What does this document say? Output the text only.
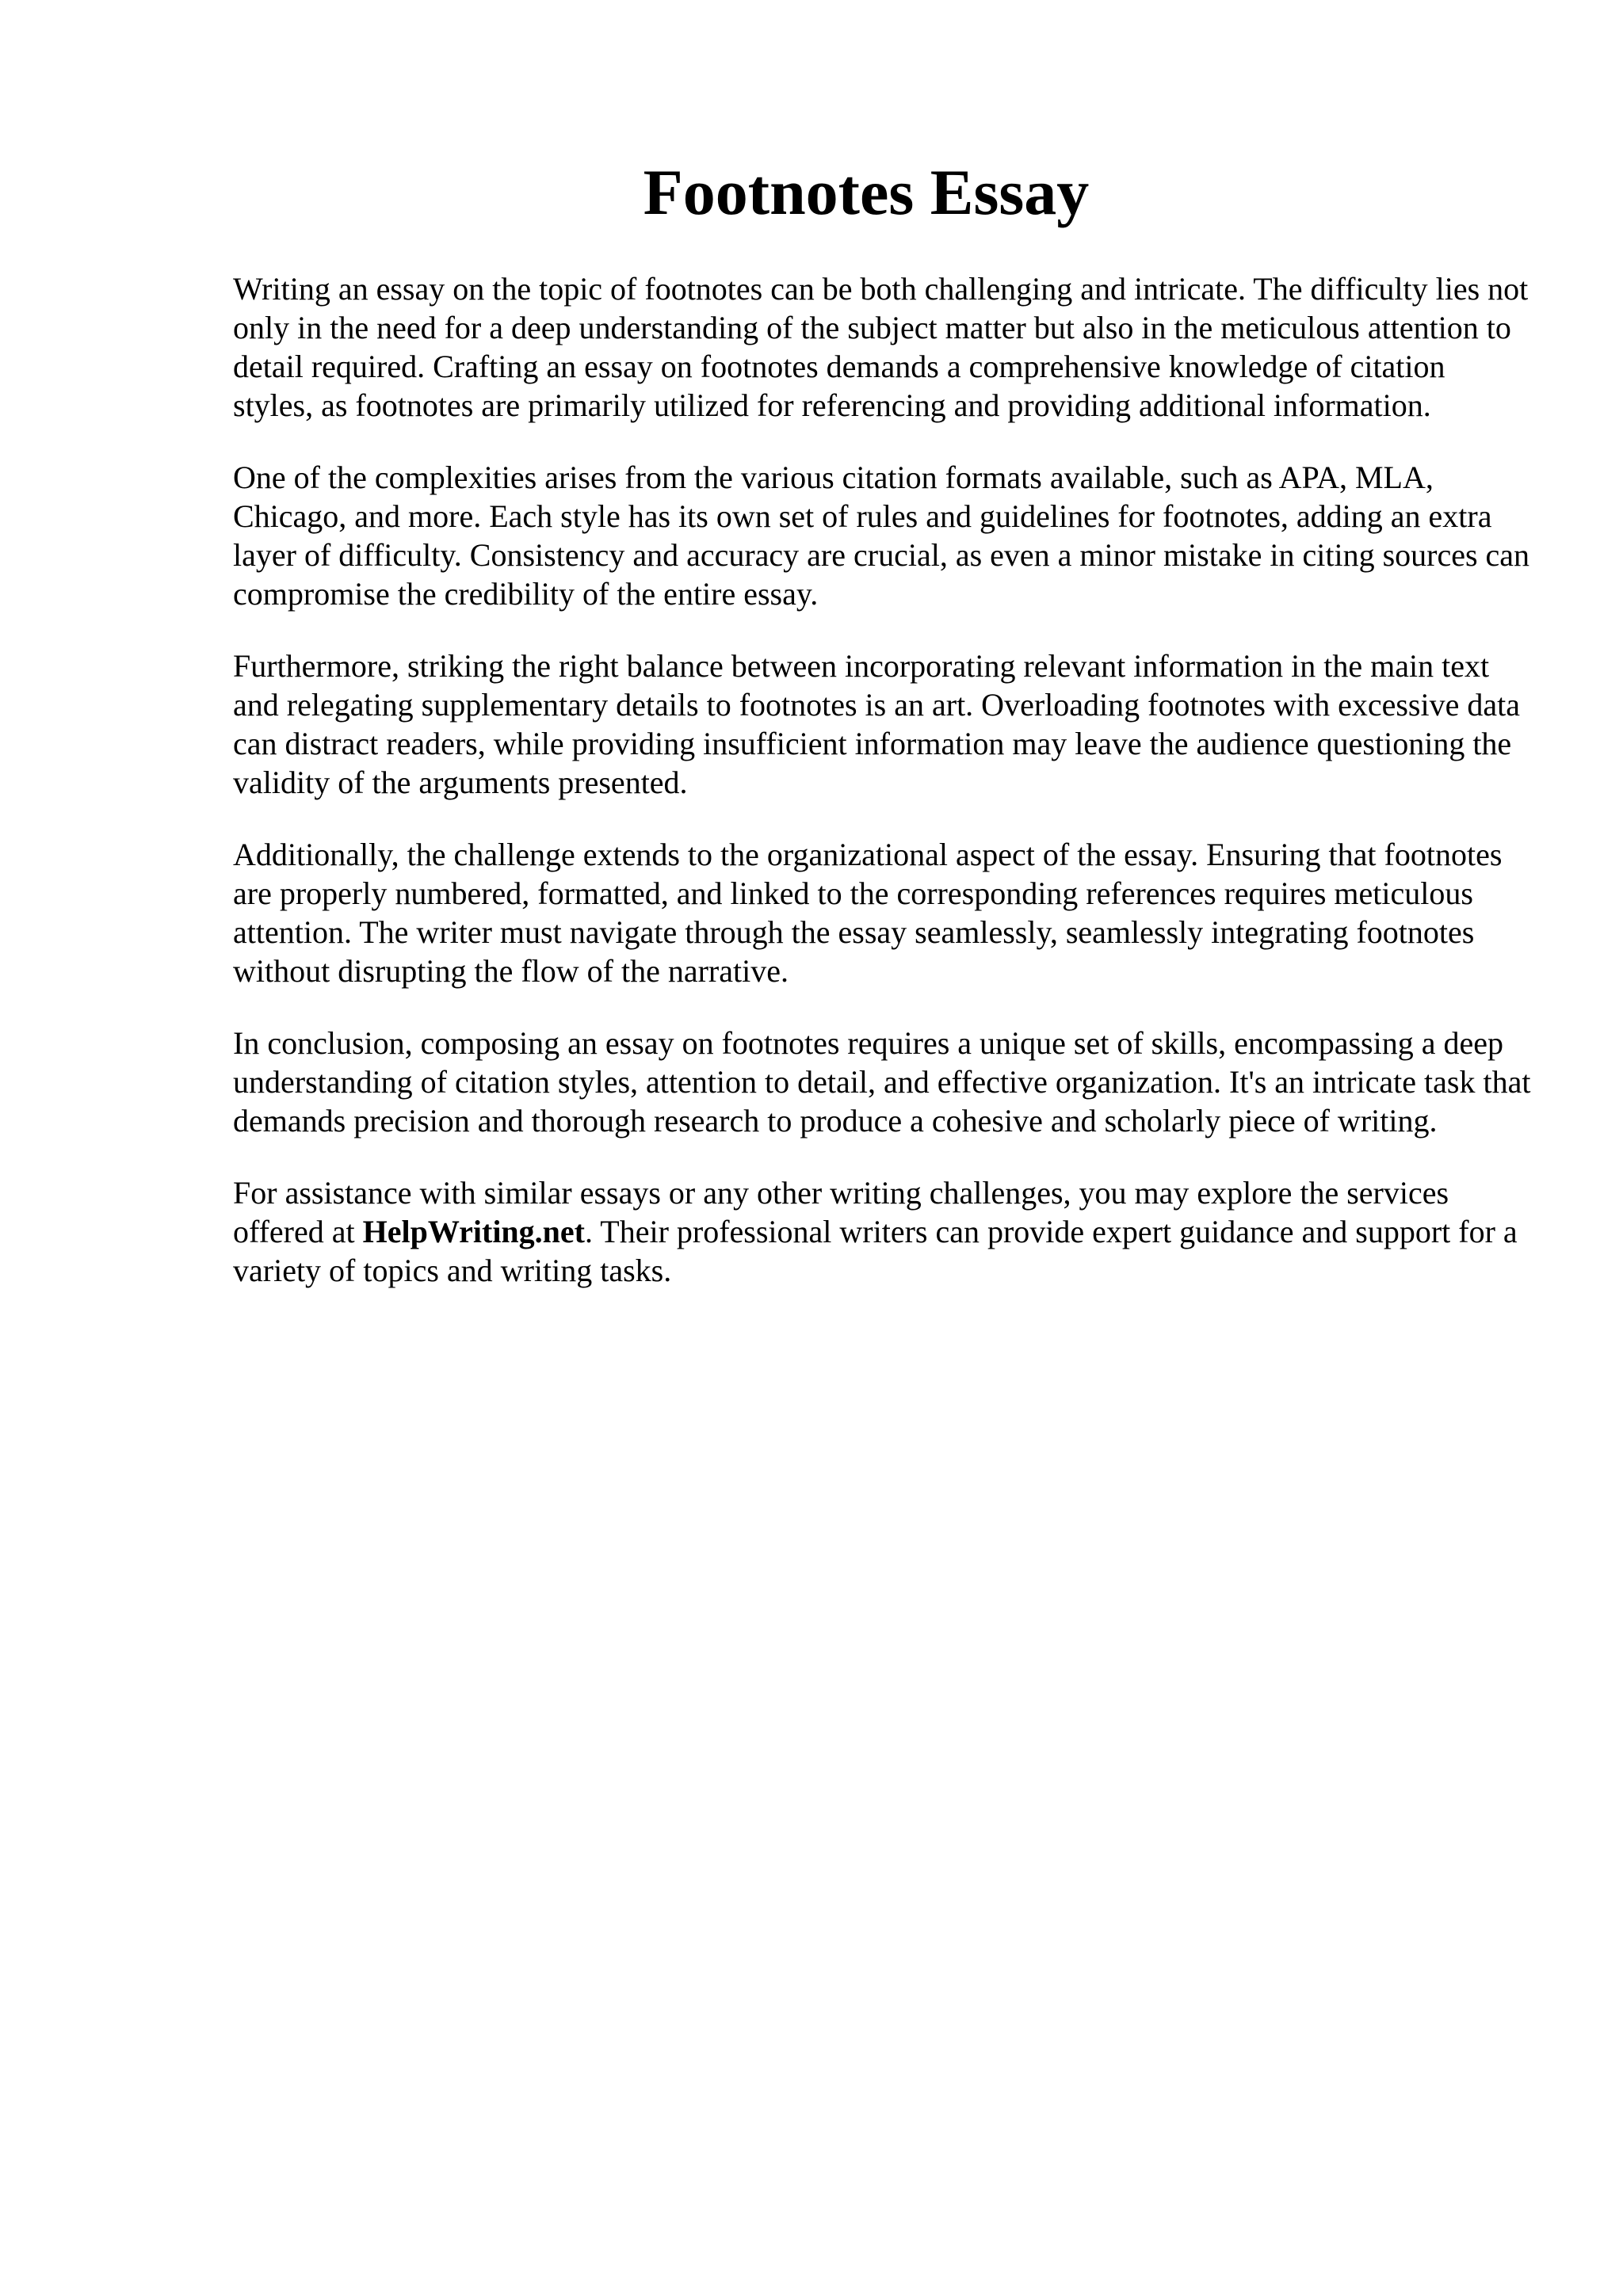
Footnotes Essay

Writing an essay on the topic of footnotes can be both challenging and intricate. The difficulty lies not only in the need for a deep understanding of the subject matter but also in the meticulous attention to detail required. Crafting an essay on footnotes demands a comprehensive knowledge of citation styles, as footnotes are primarily utilized for referencing and providing additional information.

One of the complexities arises from the various citation formats available, such as APA, MLA, Chicago, and more. Each style has its own set of rules and guidelines for footnotes, adding an extra layer of difficulty. Consistency and accuracy are crucial, as even a minor mistake in citing sources can compromise the credibility of the entire essay.

Furthermore, striking the right balance between incorporating relevant information in the main text and relegating supplementary details to footnotes is an art. Overloading footnotes with excessive data can distract readers, while providing insufficient information may leave the audience questioning the validity of the arguments presented.

Additionally, the challenge extends to the organizational aspect of the essay. Ensuring that footnotes are properly numbered, formatted, and linked to the corresponding references requires meticulous attention. The writer must navigate through the essay seamlessly, seamlessly integrating footnotes without disrupting the flow of the narrative.

In conclusion, composing an essay on footnotes requires a unique set of skills, encompassing a deep understanding of citation styles, attention to detail, and effective organization. It's an intricate task that demands precision and thorough research to produce a cohesive and scholarly piece of writing.

For assistance with similar essays or any other writing challenges, you may explore the services offered at HelpWriting.net. Their professional writers can provide expert guidance and support for a variety of topics and writing tasks.
